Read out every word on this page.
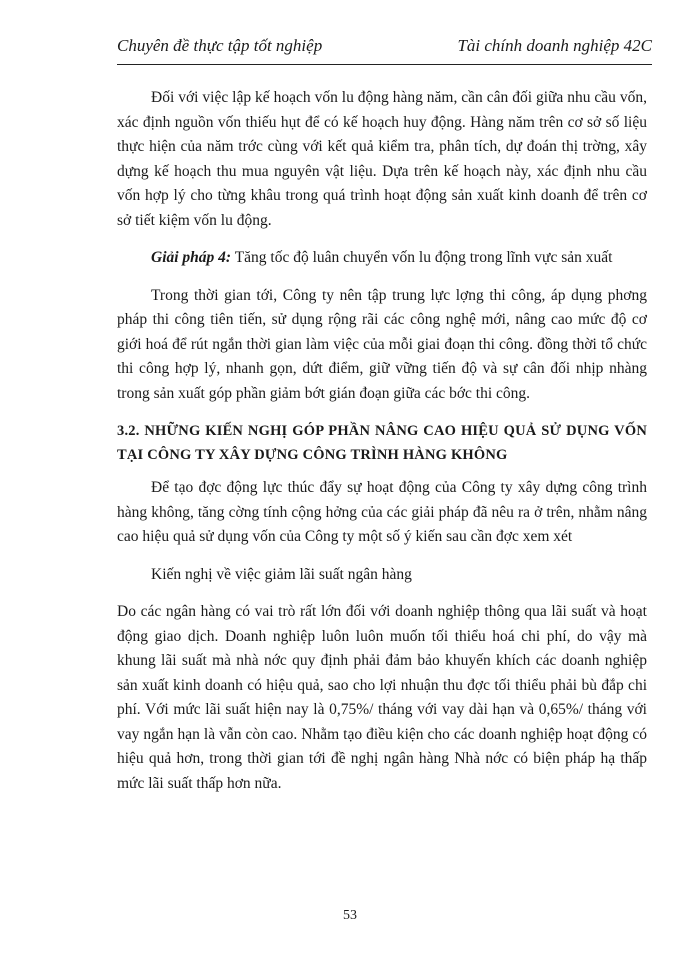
Chuyên đề thực tập tốt nghiệp	Tài chính doanh nghiệp 42C

Đối với việc lập kế hoạch vốn lu động hàng năm, cần cân đối giữa nhu cầu vốn, xác định nguồn vốn thiếu hụt để có kế hoạch huy động. Hàng năm trên cơ sở số liệu thực hiện của năm trớc cùng với kết quả kiểm tra, phân tích, dự đoán thị trờng, xây dựng kế hoạch thu mua nguyên vật liệu. Dựa trên kế hoạch này, xác định nhu cầu vốn hợp lý cho từng khâu trong quá trình hoạt động sản xuất kinh doanh để trên cơ sở tiết kiệm vốn lu động.

Giải pháp 4: Tăng tốc độ luân chuyển vốn lu động trong lĩnh vực sản xuất

Trong thời gian tới, Công ty nên tập trung lực lợng thi công, áp dụng phơng pháp thi công tiên tiến, sử dụng rộng rãi các công nghệ mới, nâng cao mức độ cơ giới hoá để rút ngắn thời gian làm việc của mỗi giai đoạn thi công. đồng thời tổ chức thi công hợp lý, nhanh gọn, dứt điểm, giữ vững tiến độ và sự cân đối nhịp nhàng trong sản xuất góp phần giảm bớt gián đoạn giữa các bớc thi công.

3.2. NHỮNG KIẾN NGHỊ GÓP PHẦN NÂNG CAO HIỆU QUẢ SỬ DỤNG VỐN TẠI CÔNG TY XÂY DỰNG CÔNG TRÌNH HÀNG KHÔNG

Để tạo đợc động lực thúc đẩy sự hoạt động của Công ty xây dựng công trình hàng không, tăng cờng tính cộng hởng của các giải pháp đã nêu ra ở trên, nhằm nâng cao hiệu quả sử dụng vốn của Công ty một số ý kiến sau cần đợc xem xét

Kiến nghị về việc giảm lãi suất ngân hàng

Do các ngân hàng có vai trò rất lớn đối với doanh nghiệp thông qua lãi suất và hoạt động giao dịch. Doanh nghiệp luôn luôn muốn tối thiểu hoá chi phí, do vậy mà khung lãi suất mà nhà nớc quy định phải đảm bảo khuyến khích các doanh nghiệp sản xuất kinh doanh có hiệu quả, sao cho lợi nhuận thu đợc tối thiểu phải bù đắp chi phí. Với mức lãi suất hiện nay là 0,75%/ tháng với vay dài hạn và 0,65%/ tháng với vay ngắn hạn là vẫn còn cao. Nhằm tạo điều kiện cho các doanh nghiệp hoạt động có hiệu quả hơn, trong thời gian tới đề nghị ngân hàng Nhà nớc có biện pháp hạ thấp mức lãi suất thấp hơn nữa.

53
